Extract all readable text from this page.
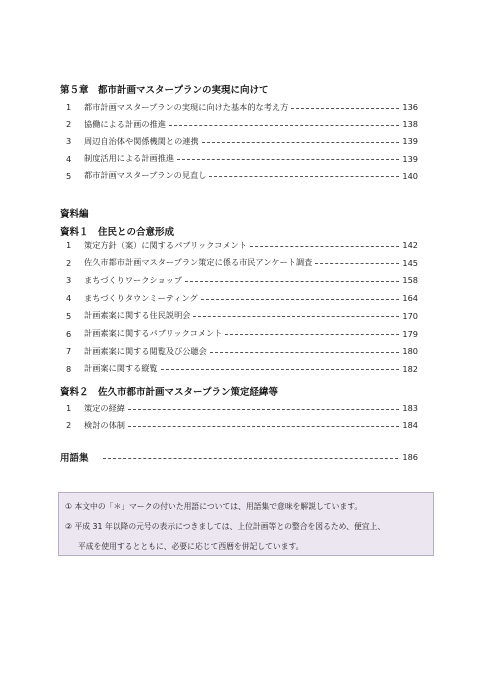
第５章　都市計画マスタープランの実現に向けて
1	都市計画マスタープランの実現に向けた基本的な考え方	136
2	協働による計画の推進	138
3	周辺自治体や関係機関との連携	139
4	制度活用による計画推進	139
5	都市計画マスタープランの見直し	140
資料編
資料１　住民との合意形成
1	策定方針（案）に関するパブリックコメント	142
2	佐久市都市計画マスタープラン策定に係る市民アンケート調査	145
3	まちづくりワークショップ	158
4	まちづくりタウンミーティング	164
5	計画素案に関する住民説明会	170
6	計画素案に関するパブリックコメント	179
7	計画素案に関する閲覧及び公聴会	180
8	計画案に関する縦覧	182
資料２　佐久市都市計画マスタープラン策定経緯等
1	策定の経緯	183
2	検討の体制	184
用語集	186
① 本文中の「＊」マークの付いた用語については、用語集で意味を解説しています。
② 平成 31 年以降の元号の表示につきましては、上位計画等との整合を図るため、便宜上、
平成を使用するとともに、必要に応じて西暦を併記しています。
